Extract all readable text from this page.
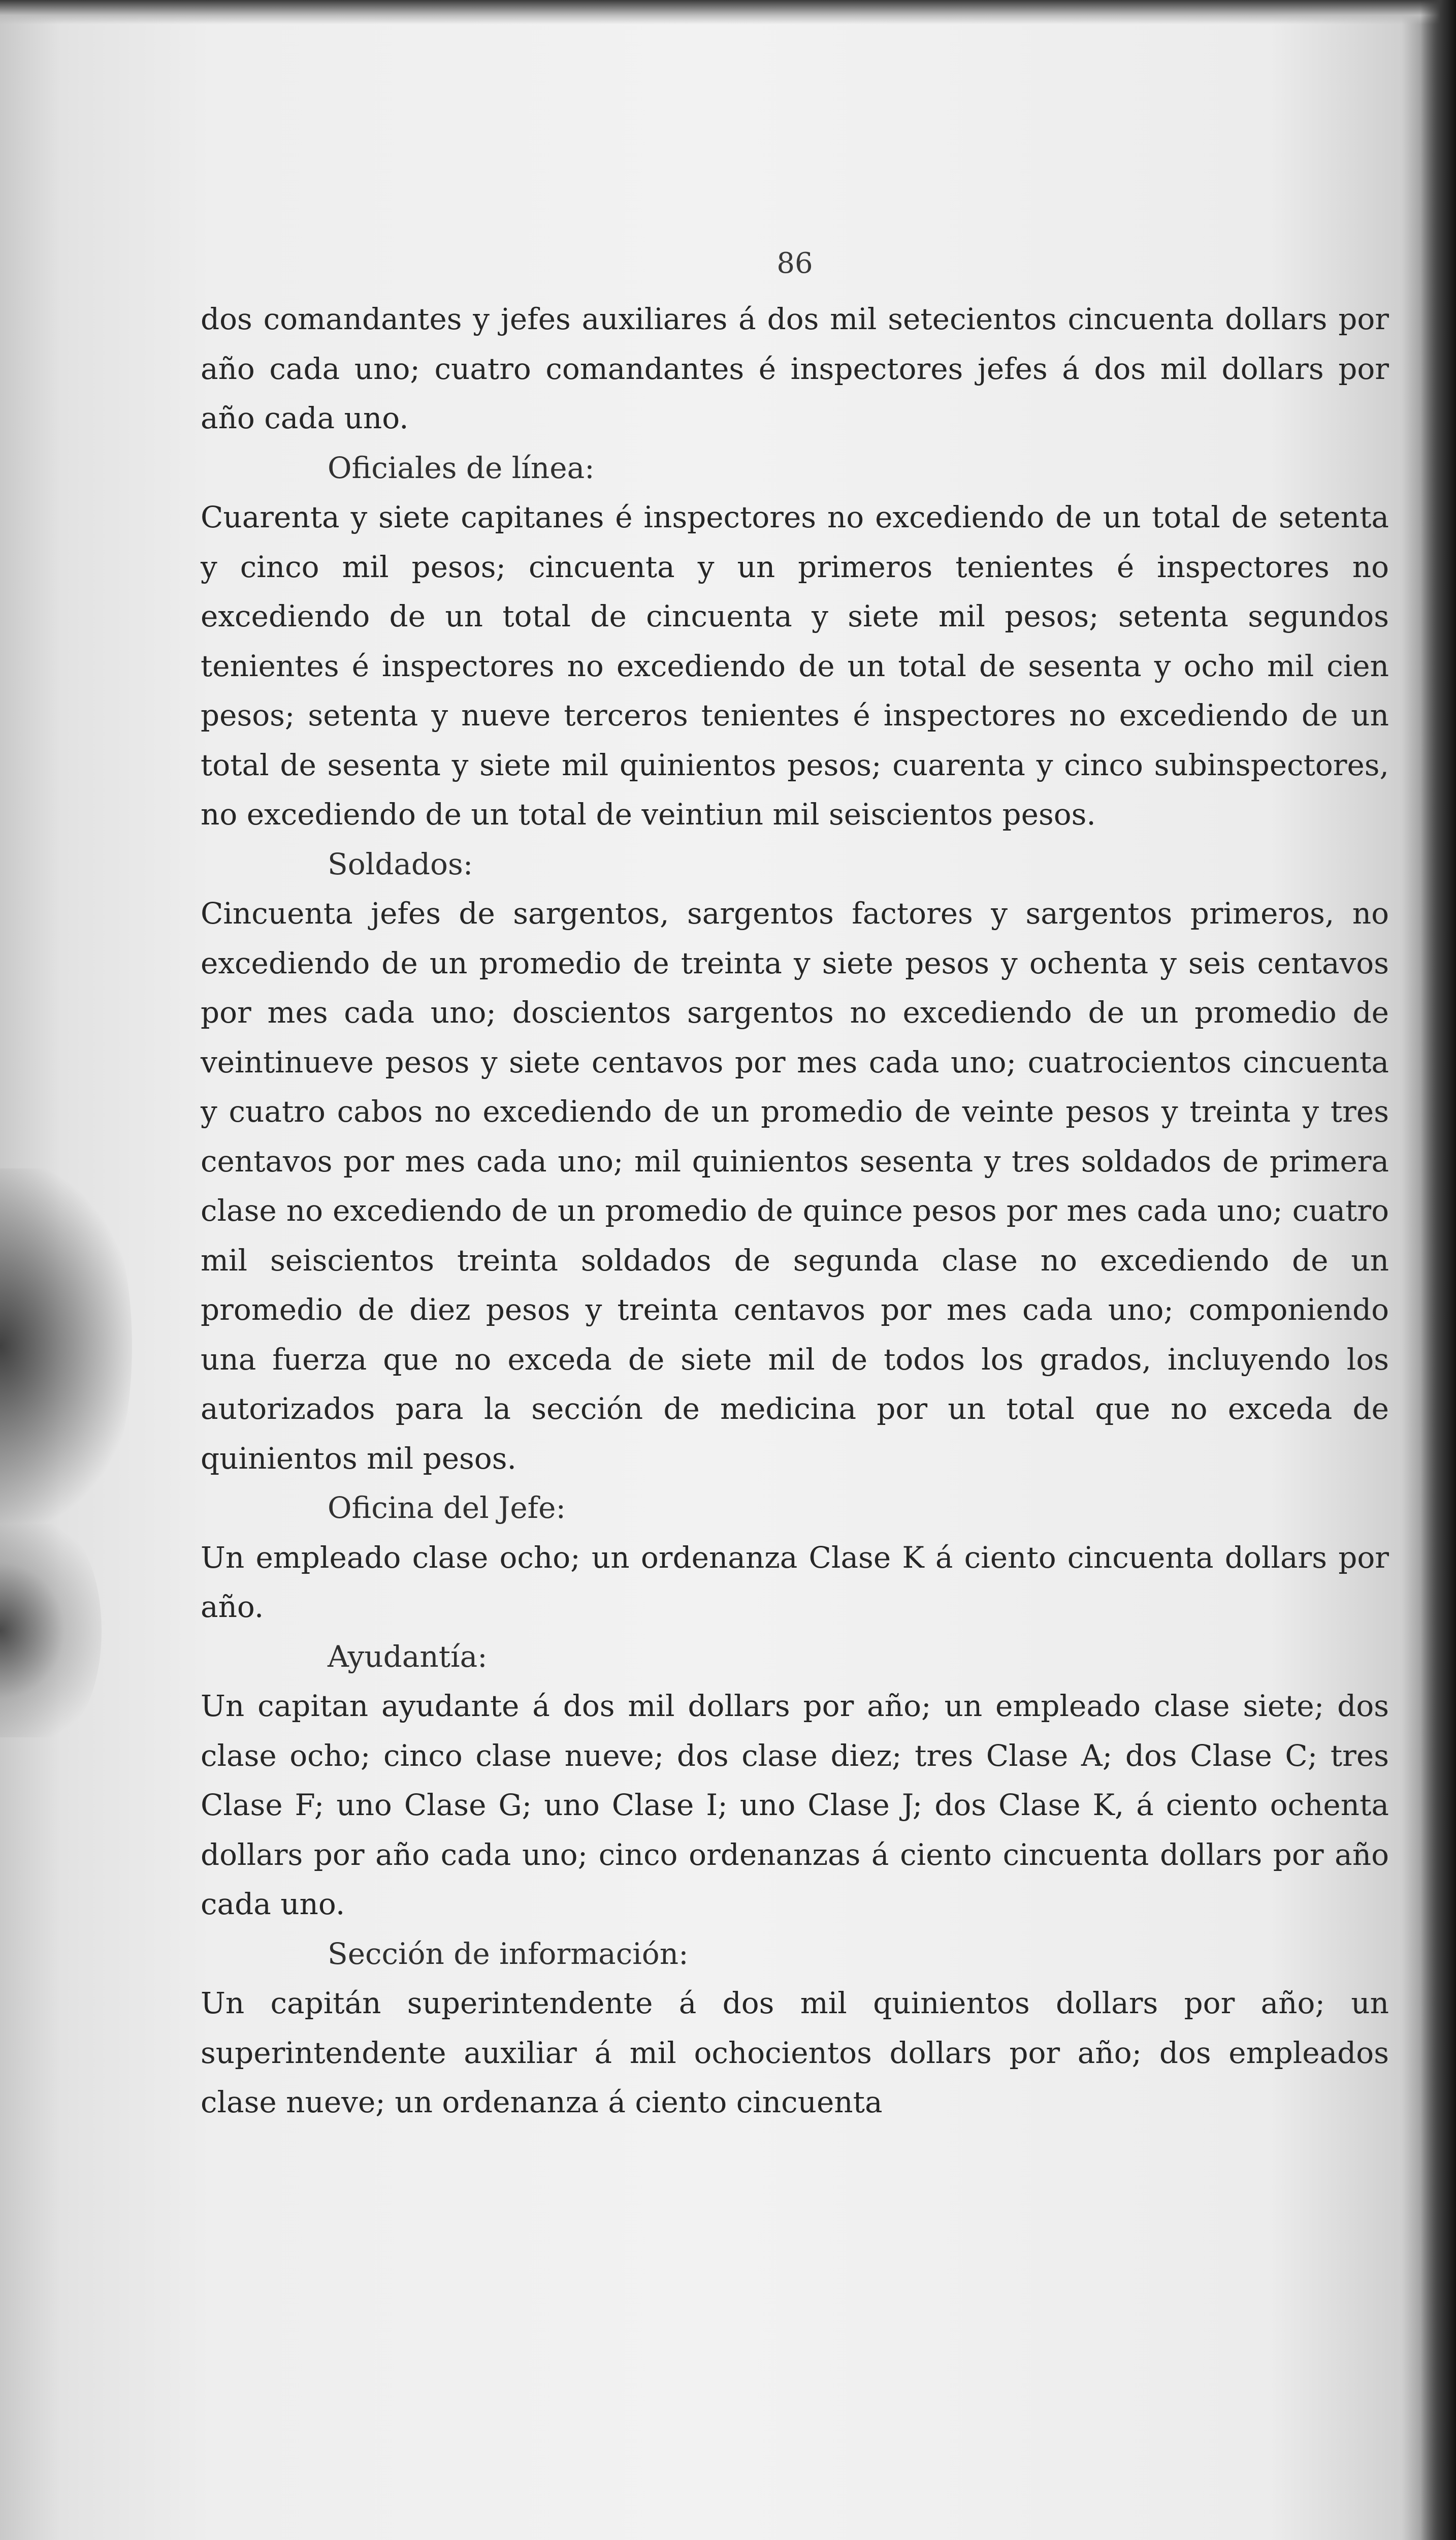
86

dos comandantes y jefes auxiliares á dos mil setecientos cincuenta dollars por año cada uno; cuatro comandantes é inspectores jefes á dos mil dollars por año cada uno.

Oficiales de línea:

Cuarenta y siete capitanes é inspectores no excediendo de un total de setenta y cinco mil pesos; cincuenta y un primeros tenientes é inspectores no excediendo de un total de cincuenta y siete mil pesos; setenta segundos tenientes é inspectores no excediendo de un total de sesenta y ocho mil cien pesos; setenta y nueve terceros tenientes é inspectores no excediendo de un total de sesenta y siete mil quinientos pesos; cuarenta y cinco subinspectores, no excediendo de un total de veintiun mil seiscientos pesos.

Soldados:

Cincuenta jefes de sargentos, sargentos factores y sargentos primeros, no excediendo de un promedio de treinta y siete pesos y ochenta y seis centavos por mes cada uno; doscientos sargentos no excediendo de un promedio de veintinueve pesos y siete centavos por mes cada uno; cuatrocientos cincuenta y cuatro cabos no excediendo de un promedio de veinte pesos y treinta y tres centavos por mes cada uno; mil quinientos sesenta y tres soldados de primera clase no excediendo de un promedio de quince pesos por mes cada uno; cuatro mil seiscientos treinta soldados de segunda clase no excediendo de un promedio de diez pesos y treinta centavos por mes cada uno; componiendo una fuerza que no exceda de siete mil de todos los grados, incluyendo los autorizados para la sección de medicina por un total que no exceda de quinientos mil pesos.

Oficina del Jefe:

Un empleado clase ocho; un ordenanza Clase K á ciento cincuenta dollars por año.

Ayudantía:

Un capitan ayudante á dos mil dollars por año; un empleado clase siete; dos clase ocho; cinco clase nueve; dos clase diez; tres Clase A; dos Clase C; tres Clase F; uno Clase G; uno Clase I; uno Clase J; dos Clase K, á ciento ochenta dollars por año cada uno; cinco ordenanzas á ciento cincuenta dollars por año cada uno.

Sección de información:

Un capitán superintendente á dos mil quinientos dollars por año; un superintendente auxiliar á mil ochocientos dollars por año; dos empleados clase nueve; un ordenanza á ciento cincuenta
